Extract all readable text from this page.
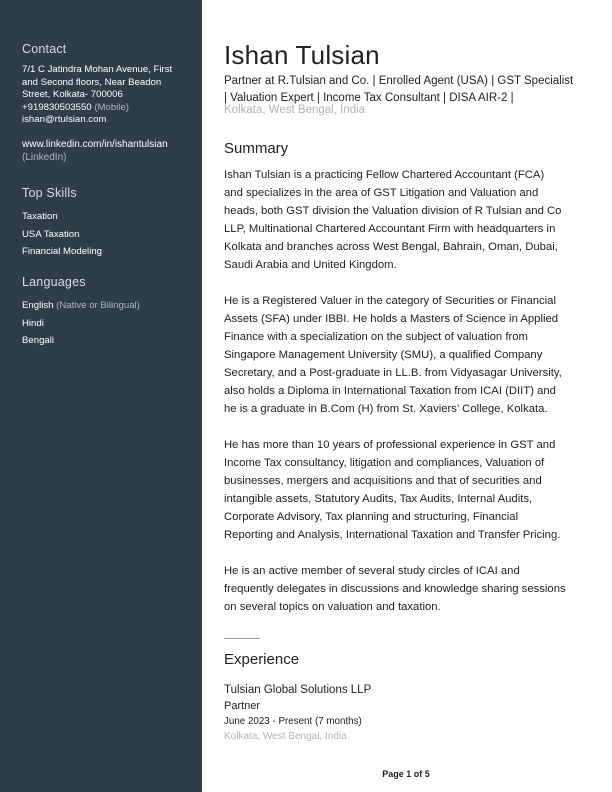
Contact
7/1 C Jatindra Mohan Avenue, First
and Second floors, Near Beadon
Street, Kolkata- 700006
+919830503550 (Mobile)
ishan@rtulsian.com
www.linkedin.com/in/ishantulsian
(LinkedIn)
Top Skills
Taxation
USA Taxation
Financial Modeling
Languages
English (Native or Bilingual)
Hindi
Bengali
Ishan Tulsian
Partner at R.Tulsian and Co. | Enrolled Agent (USA) | GST Specialist
| Valuation Expert | Income Tax Consultant | DISA AIR-2 |
Kolkata, West Bengal, India
Summary
Ishan Tulsian is a practicing Fellow Chartered Accountant (FCA)
and specializes in the area of GST Litigation and Valuation and
heads, both GST division the Valuation division of R Tulsian and Co
LLP, Multinational Chartered Accountant Firm with headquarters in
Kolkata and branches across West Bengal, Bahrain, Oman, Dubai,
Saudi Arabia and United Kingdom.
He is a Registered Valuer in the category of Securities or Financial
Assets (SFA) under IBBI. He holds a Masters of Science in Applied
Finance with a specialization on the subject of valuation from
Singapore Management University (SMU), a qualified Company
Secretary, and a Post-graduate in LL.B. from Vidyasagar University,
also holds a Diploma in International Taxation from ICAI (DIIT) and
he is a graduate in B.Com (H) from St. Xaviers’ College, Kolkata.
He has more than 10 years of professional experience in GST and
Income Tax consultancy, litigation and compliances, Valuation of
businesses, mergers and acquisitions and that of securities and
intangible assets, Statutory Audits, Tax Audits, Internal Audits,
Corporate Advisory, Tax planning and structuring, Financial
Reporting and Analysis, International Taxation and Transfer Pricing.
He is an active member of several study circles of ICAI and
frequently delegates in discussions and knowledge sharing sessions
on several topics on valuation and taxation.
Experience
Tulsian Global Solutions LLP
Partner
June 2023 - Present (7 months)
Kolkata, West Bengal, India
Page 1 of 5
